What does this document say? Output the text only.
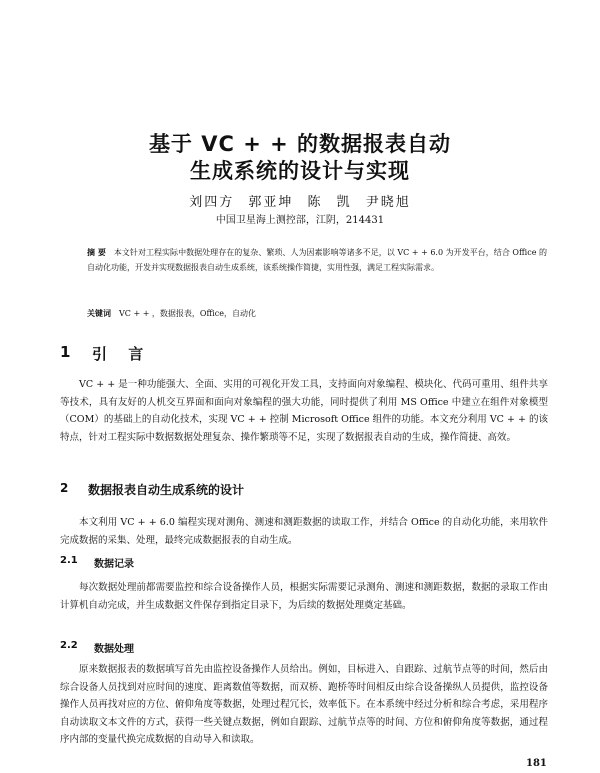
基于 VC + + 的数据报表自动
生成系统的设计与实现
刘四方 郭亚坤 陈 凯 尹晓旭
中国卫星海上测控部，江阴，214431
摘 要 本文针对工程实际中数据处理存在的复杂、繁琐、人为因素影响等诸多不足，以 VC + + 6.0 为开发平台，结合 Office 的自动化功能，开发并实现数据报表自动生成系统，该系统操作简捷，实用性强，满足工程实际需求。
关键词 VC + + ，数据报表，Office，自动化
1 引 言
VC + + 是一种功能强大、全面、实用的可视化开发工具，支持面向对象编程、模块化、代码可重用、组件共享等技术，具有友好的人机交互界面和面向对象编程的强大功能，同时提供了利用 MS Office 中建立在组件对象模型（COM）的基础上的自动化技术，实现 VC + + 控制 Microsoft Office 组件的功能。本文充分利用 VC + + 的该特点，针对工程实际中数据数据处理复杂、操作繁琐等不足，实现了数据报表自动的生成，操作简捷、高效。
2 数据报表自动生成系统的设计
本文利用 VC + + 6.0 编程实现对测角、测速和测距数据的读取工作，并结合 Office 的自动化功能，来用软件完成数据的采集、处理，最终完成数据报表的自动生成。
2.1 数据记录
每次数据处理前都需要监控和综合设备操作人员，根据实际需要记录测角、测速和测距数据，数据的录取工作由计算机自动完成，并生成数据文件保存到指定目录下，为后续的数据处理奠定基础。
2.2 数据处理
原来数据报表的数据填写首先由监控设备操作人员给出。例如，目标进入、自跟踪、过航节点等的时间，然后由综合设备人员找到对应时间的速度、距离数值等数据，而双桥、跑桥等时间相反由综合设备操纵人员提供，监控设备操作人员再找对应的方位、俯仰角度等数据，处理过程冗长，效率低下。在本系统中经过分析和综合考虑，采用程序自动读取文本文件的方式，获得一些关键点数据，例如自跟踪、过航节点等的时间、方位和俯仰角度等数据，通过程序内部的变量代换完成数据的自动导入和读取。
181
